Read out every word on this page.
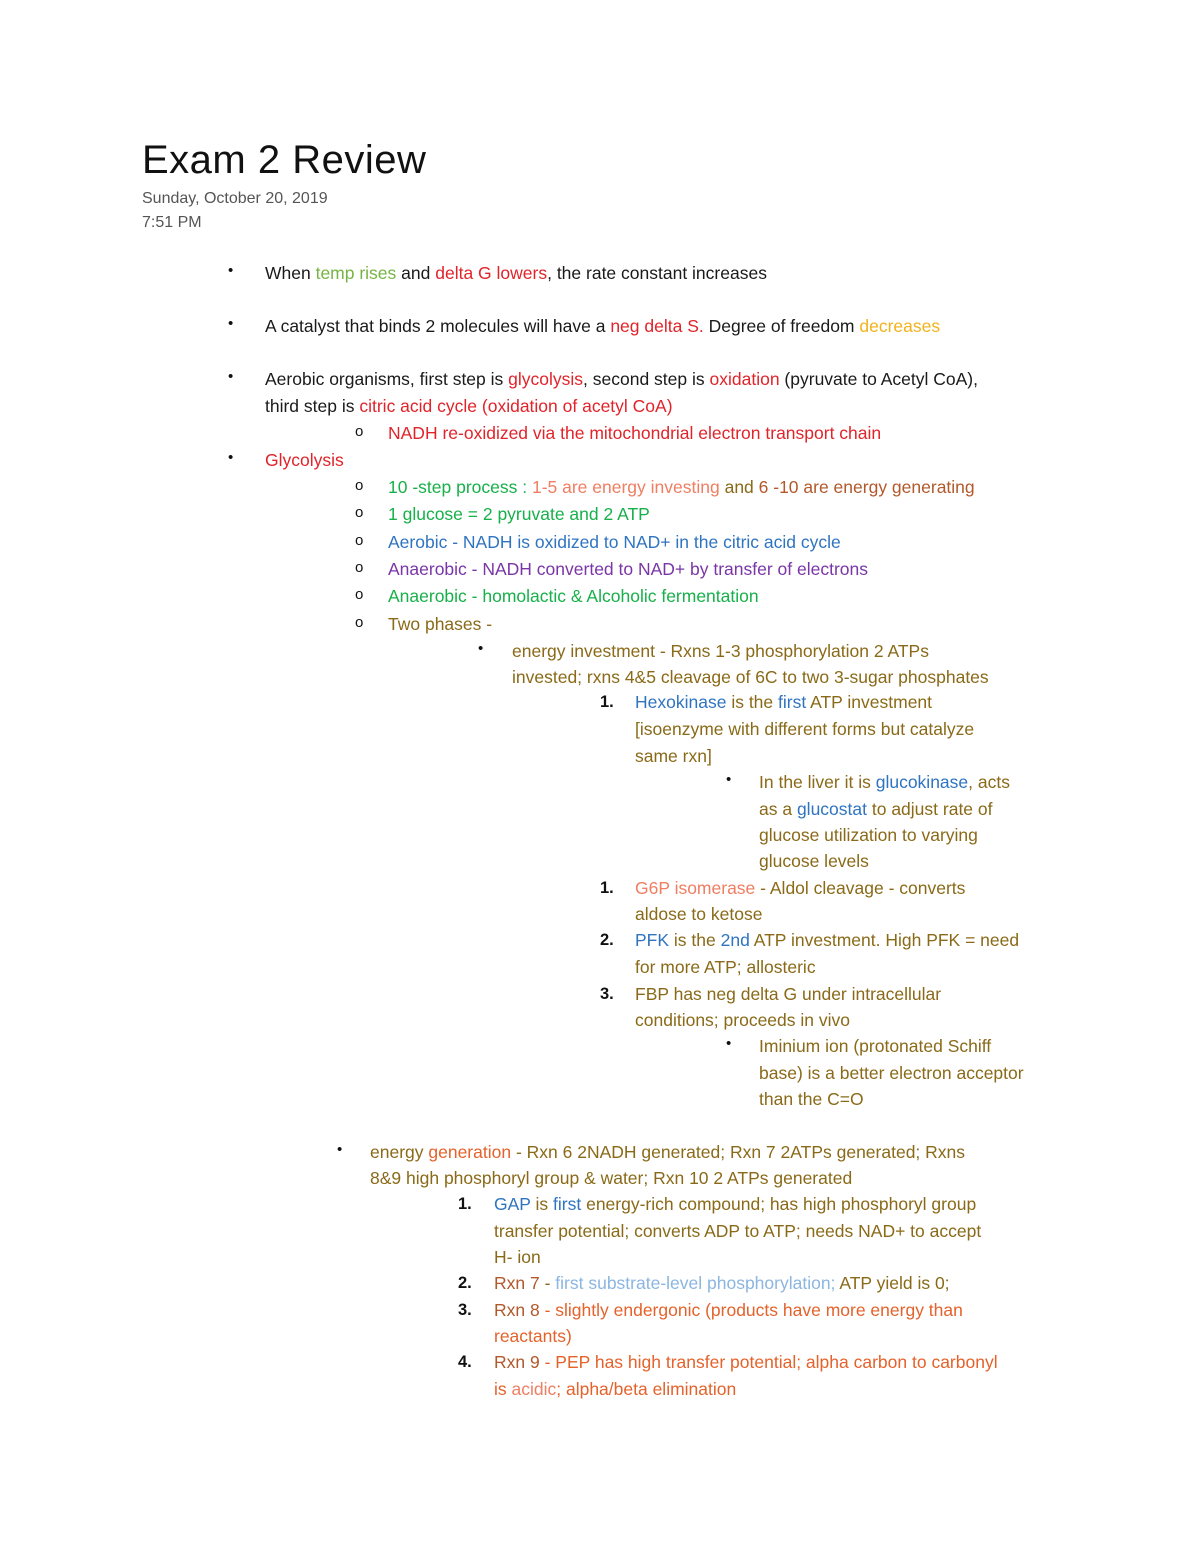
Exam 2 Review
Sunday, October 20, 2019
7:51 PM
• When temp rises and delta G lowers, the rate constant increases
• A catalyst that binds 2 molecules will have a neg delta S. Degree of freedom decreases
• Aerobic organisms, first step is glycolysis, second step is oxidation (pyruvate to Acetyl CoA),
third step is citric acid cycle (oxidation of acetyl CoA)
o NADH re-oxidized via the mitochondrial electron transport chain
• Glycolysis
o 10 -step process : 1-5 are energy investing and 6 -10 are energy generating
o 1 glucose = 2 pyruvate and 2 ATP
o Aerobic - NADH is oxidized to NAD+ in the citric acid cycle
o Anaerobic - NADH converted to NAD+ by transfer of electrons
o Anaerobic - homolactic & Alcoholic fermentation
o Two phases -
• energy investment - Rxns 1-3 phosphorylation 2 ATPs
invested; rxns 4&5 cleavage of 6C to two 3-sugar phosphates
1. Hexokinase is the first ATP investment
[isoenzyme with different forms but catalyze
same rxn]
• In the liver it is glucokinase, acts
as a glucostat to adjust rate of
glucose utilization to varying
glucose levels
1. G6P isomerase - Aldol cleavage - converts
aldose to ketose
2. PFK is the 2nd ATP investment. High PFK = need
for more ATP; allosteric
3. FBP has neg delta G under intracellular
conditions; proceeds in vivo
• Iminium ion (protonated Schiff
base) is a better electron acceptor
than the C=O
• energy generation - Rxn 6 2NADH generated; Rxn 7 2ATPs generated; Rxns
8&9 high phosphoryl group & water; Rxn 10 2 ATPs generated
1. GAP is first energy-rich compound; has high phosphoryl group
transfer potential; converts ADP to ATP; needs NAD+ to accept
H- ion
2. Rxn 7 - first substrate-level phosphorylation; ATP yield is 0;
3. Rxn 8 - slightly endergonic (products have more energy than
reactants)
4. Rxn 9 - PEP has high transfer potential; alpha carbon to carbonyl
is acidic; alpha/beta elimination
